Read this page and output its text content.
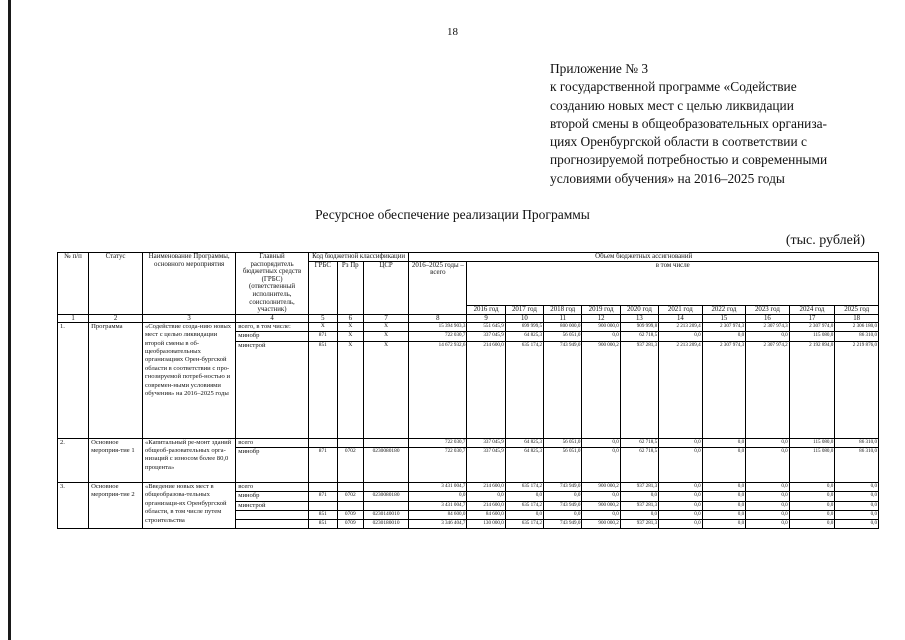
18
Приложение № 3
к государственной программе «Содействие
созданию новых мест с целью ликвидации
второй смены в общеобразовательных организа-
циях Оренбургской области в соответствии с
прогнозируемой потребностью и современными
условиями обучения» на 2016–2025 годы
Ресурсное обеспечение реализации Программы
(тыс. рублей)
№ п/п	Статус	Наименование Программы, основного мероприятия	Главный распорядитель бюджетных средств (ГРБС) (ответственный исполнитель, соисполнитель, участник)	Код бюджетной классификации			Объем бюджетных ассигнований										
				ГРБС	Рз Пр	ЦСР	2016–2025 годы – всего	в том числе									
								2016 год	2017 год	2018 год	2019 год	2020 год	2021 год	2022 год	2023 год	2024 год	2025 год
1	2	3	4	5	6	7	8	9	10	11	12	13	14	15	16	17	18
1.	Программа	«Содействие созда-нию новых мест с целью ликвидации второй смены в об-щеобразовательных организациях Орен-бургской области в соответствии с про-гнозируемой потреб-ностью и современ-ными условиями обучения» на 2016–2025 годы	всего, в том числе:	X	X	X	15 394 903,3	551 645,9	699 999,5	800 000,0	900 000,0	909 999,8	2 213 209,4	2 307 974,3	2 307 974,3	2 307 974,0	2 306 180,0
			минобр	871	X	X	722 030,7	337 045,9	64 825,3	56 051,0	0,0	62 718,5	0,0	0,0	0,0	115 080,0	86 310,0
			минстрой	851	X	X	14 672 932,6	214 600,0	635 174,2	743 949,0	900 000,2	937 281,3	2 213 209,4	2 307 974,3	2 307 974,2	2 192 894,0	2 219 876,0
2.	Основное мероприя-тие 1	«Капитальный ре-монт зданий общеоб-разовательных орга-низаций с износом более 80,0 процента»	всего				722 030,7	337 045,9	64 825,3	56 051,0	0,0	62 718,5	0,0	0,0	0,0	115 080,0	86 310,0
			минобр	871	0702	0230080180	722 030,7	337 045,9	64 825,3	56 051,0	0,0	62 718,5	0,0	0,0	0,0	115 080,0	86 310,0
3.	Основное мероприя-тие 2	«Введение новых мест в общеобразова-тельных организаци-ях Оренбургской области, в том числе путем строительства	всего				3 431 004,7	214 600,0	635 174,2	743 949,0	900 000,2	937 281,3	0,0	0,0	0,0	0,0	0,0
			минобр	871	0702	0230080180	0,0	0,0	0,0	0,0	0,0	0,0	0,0	0,0	0,0	0,0	0,0
			минстрой				3 431 004,7	214 600,0	635 174,2	743 949,0	900 000,2	937 281,3	0,0	0,0	0,0	0,0	0,0
				851	0709	0230140010	84 600,0	84 600,0	0,0	0,0	0,0	0,0	0,0	0,0	0,0	0,0	0,0
				851	0709	0230180010	3 346 404,7	130 000,0	635 174,2	743 949,0	900 000,2	937 281,3	0,0	0,0	0,0	0,0	0,0
